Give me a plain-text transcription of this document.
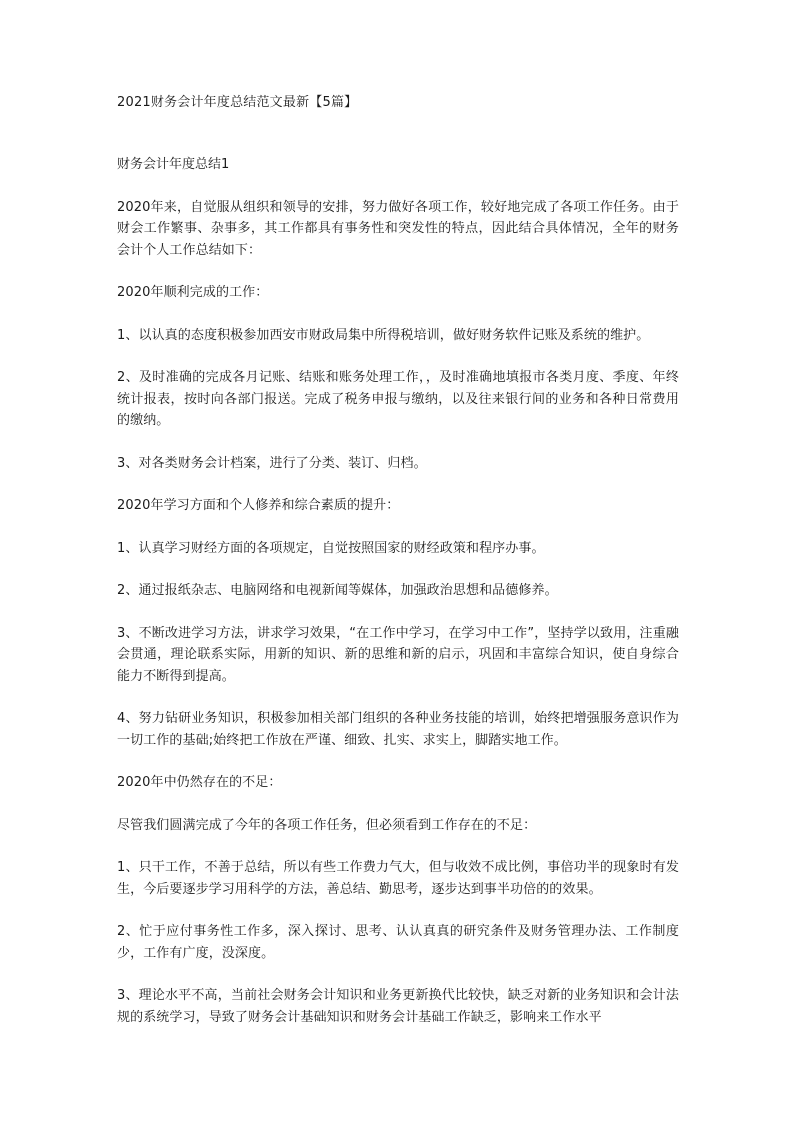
2021财务会计年度总结范文最新【5篇】
财务会计年度总结1
2020年来，自觉服从组织和领导的安排，努力做好各项工作，较好地完成了各项工作任务。由于财会工作繁事、杂事多，其工作都具有事务性和突发性的特点，因此结合具体情况，全年的财务会计个人工作总结如下：
2020年顺利完成的工作：
1、以认真的态度积极参加西安市财政局集中所得税培训，做好财务软件记账及系统的维护。
2、及时准确的完成各月记账、结账和账务处理工作，，及时准确地填报市各类月度、季度、年终统计报表，按时向各部门报送。完成了税务申报与缴纳，以及往来银行间的业务和各种日常费用的缴纳。
3、对各类财务会计档案，进行了分类、装订、归档。
2020年学习方面和个人修养和综合素质的提升：
1、认真学习财经方面的各项规定，自觉按照国家的财经政策和程序办事。
2、通过报纸杂志、电脑网络和电视新闻等媒体，加强政治思想和品德修养。
3、不断改进学习方法，讲求学习效果，“在工作中学习，在学习中工作”，坚持学以致用，注重融会贯通，理论联系实际，用新的知识、新的思维和新的启示，巩固和丰富综合知识，使自身综合能力不断得到提高。
4、努力钻研业务知识，积极参加相关部门组织的各种业务技能的培训，始终把增强服务意识作为一切工作的基础;始终把工作放在严谨、细致、扎实、求实上，脚踏实地工作。
2020年中仍然存在的不足：
尽管我们圆满完成了今年的各项工作任务，但必须看到工作存在的不足：
1、只干工作，不善于总结，所以有些工作费力气大，但与收效不成比例，事倍功半的现象时有发生，今后要逐步学习用科学的方法，善总结、勤思考，逐步达到事半功倍的的效果。
2、忙于应付事务性工作多，深入探讨、思考、认认真真的研究条件及财务管理办法、工作制度少，工作有广度，没深度。
3、理论水平不高，当前社会财务会计知识和业务更新换代比较快，缺乏对新的业务知识和会计法规的系统学习，导致了财务会计基础知识和财务会计基础工作缺乏，影响来工作水平
